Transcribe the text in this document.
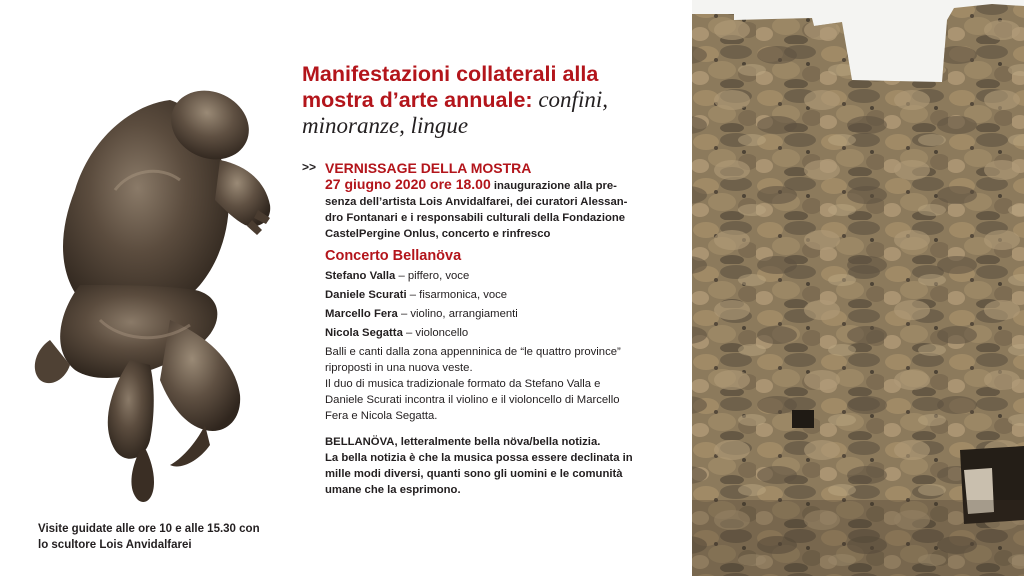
Visite guidate alle ore 10 e alle 15.30 con
lo scultore Lois Anvidalfarei
Manifestazioni collaterali alla
mostra d’arte annuale: confini,
minoranze, lingue
>> VERNISSAGE DELLA MOSTRA

27 giugno 2020 ore 18.00 inaugurazione alla pre-

senza dell’artista Lois Anvidalfarei, dei curatori Alessan-

dro Fontanari e i responsabili culturali della Fondazione

CastelPergine Onlus, concerto e rinfresco

Concerto Bellanöva
Stefano Valla – piffero, voce
Daniele Scurati – fisarmonica, voce
Marcello Fera – violino, arrangiamenti
Nicola Segatta – violoncello

Balli e canti dalla zona appenninica de “le quattro province”

riproposti in una nuova veste.

Il duo di musica tradizionale formato da Stefano Valla e

Daniele Scurati incontra il violino e il violoncello di Marcello

Fera e Nicola Segatta.

BELLANÖVA, letteralmente bella növa/bella notizia.

La bella notizia è che la musica possa essere declinata in

mille modi diversi, quanti sono gli uomini e le comunità

umane che la esprimono.
